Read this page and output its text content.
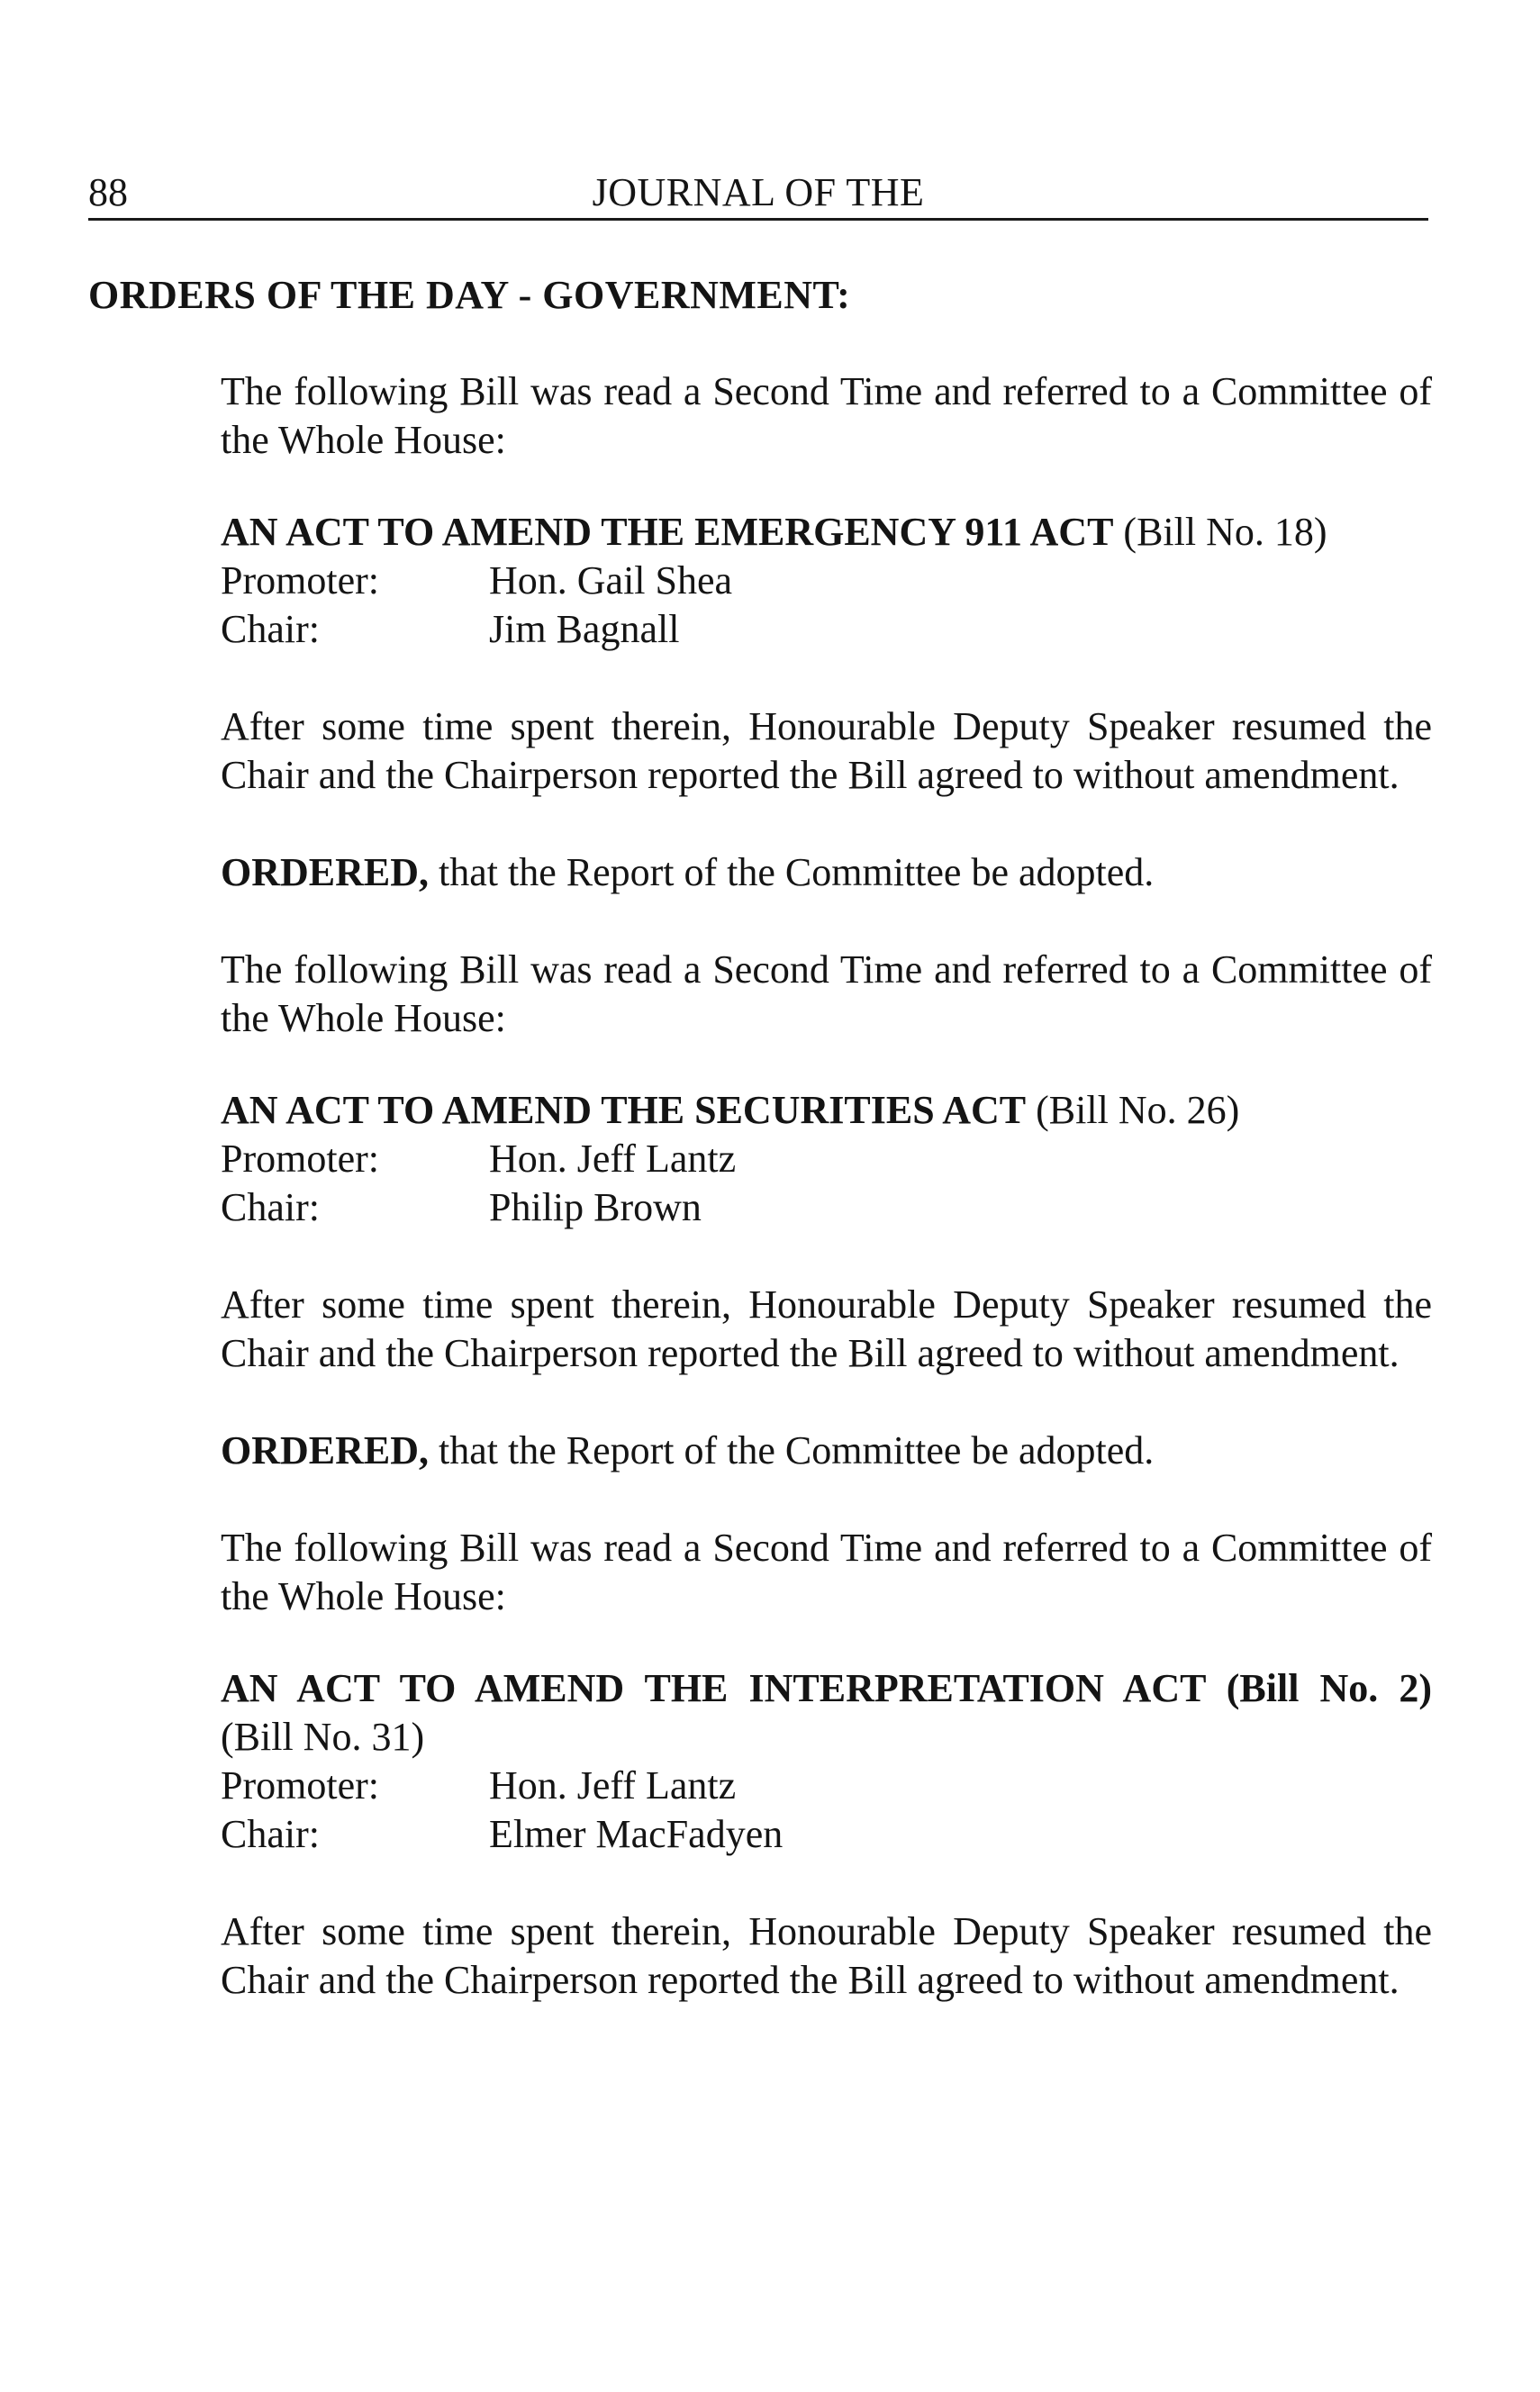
88	JOURNAL OF THE
ORDERS OF THE DAY - GOVERNMENT:

The following Bill was read a Second Time and referred to a Committee of the Whole House:

AN ACT TO AMEND THE EMERGENCY 911 ACT (Bill No. 18)
Promoter:	Hon. Gail Shea
Chair:	Jim Bagnall

After some time spent therein, Honourable Deputy Speaker resumed the Chair and the Chairperson reported the Bill agreed to without amendment.

ORDERED, that the Report of the Committee be adopted.

The following Bill was read a Second Time and referred to a Committee of the Whole House:

AN ACT TO AMEND THE SECURITIES ACT (Bill No. 26)
Promoter:	Hon. Jeff Lantz
Chair:	Philip Brown

After some time spent therein, Honourable Deputy Speaker resumed the Chair and the Chairperson reported the Bill agreed to without amendment.

ORDERED, that the Report of the Committee be adopted.

The following Bill was read a Second Time and referred to a Committee of the Whole House:

AN ACT TO AMEND THE INTERPRETATION ACT (Bill No. 2)
(Bill No. 31)
Promoter:	Hon. Jeff Lantz
Chair:	Elmer MacFadyen

After some time spent therein, Honourable Deputy Speaker resumed the Chair and the Chairperson reported the Bill agreed to without amendment.
